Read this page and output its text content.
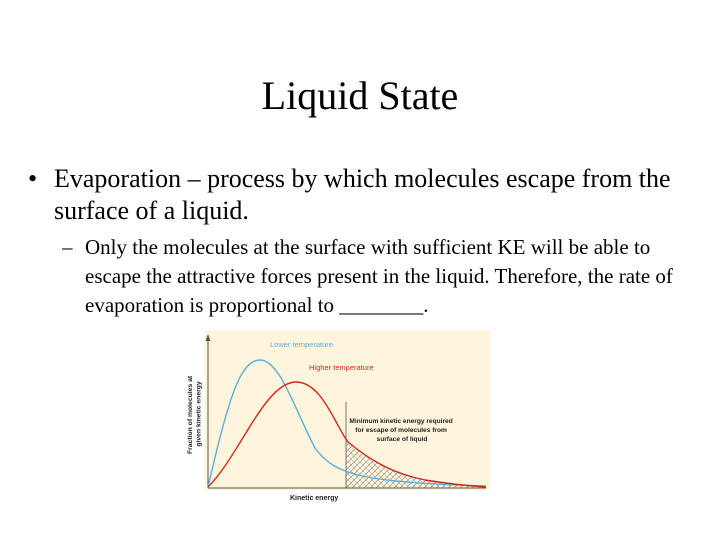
Liquid State
• Evaporation – process by which molecules escape from the surface of a liquid.
– Only the molecules at the surface with sufficient KE will be able to escape the attractive forces present in the liquid. Therefore, the rate of evaporation is proportional to ________.
Lower temperature
Higher temperature
Minimum kinetic energy required for escape of molecules from surface of liquid
Fraction of molecules at given kinetic energy
Kinetic energy
